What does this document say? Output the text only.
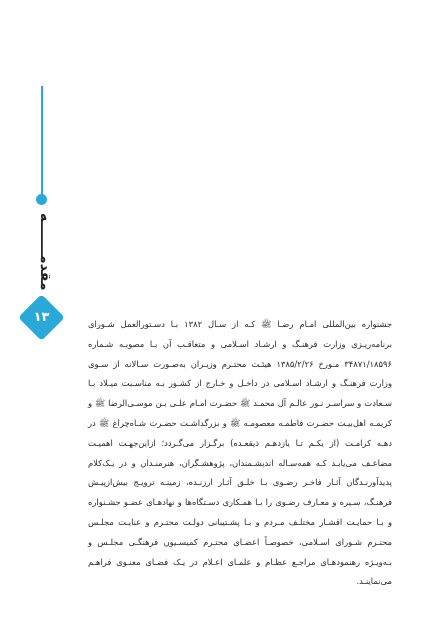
مقدمـــــــه
۱۳	جشنواره بین‌المللی امـام رضـا ﷺ کـه از سـال ۱۳۸۲ بـا دسـتورالعمل شـورای برنامه‌ریـزی وزارت فرهنـگ و ارشـاد اسـلامی و متعاقـب آن بـا مصوبـه شـماره ۳۴۸۷۱/۱۸۵۹۶ مـورخ ۱۳۸۵/۲/۲۶ هیئـت محتـرم وزیـران به‌صـورت سـالانه از سـوی وزارت فرهنـگ و ارشـاد اسـلامی در داخـل و خـارج از کشـور بـه مناسـبت میـلاد بـا سـعادت و سراسـر نـور عالـم آل محمـد ﷺ حضـرت امـام علـی بـن موسـی‌الرضا ﷺ و کریمـه اهل‌بیـت حضـرت فاطمـه معصومـه ﷺ و بزرگداشـت حضـرت شـاه‌چراغ ﷺ در دهـه کرامـت (از یکـم تـا یازدهـم ذیقعـده) برگـزار می‌گـردد؛ ازاین‌جهـت اهمیـت مضاعـف می‌یابـد کـه همه‌سـاله اندیشـمندان، پژوهشـگران، هنرمنـدان و در یـک‌کلام پدیدآورنـدگان آثـار فاخـر رضـوی بـا خلـق آثـار ارزنـده، زمینـه ترویـج بیش‌ازپیـش فرهنـگ، سـیره و معـارف رضـوی را بـا همـکاری دسـتگاه‌ها و نهادهـای عضـو جشـنواره و بـا حمایـت اقشـار مختلـف مـردم و بـا پشـتیبانی دولـت محتـرم و عنایـت مجلـس محتـرم شـورای اسـلامی، خصوصـاً اعضـای محتـرم کمیسـیون فرهنگـی مجلـس و بـه‌ویـژه رهنمودهـای مراجـع عظـام و علمـای اعـلام در یـک فضـای معنـوی فراهـم می‌نماینـد.
